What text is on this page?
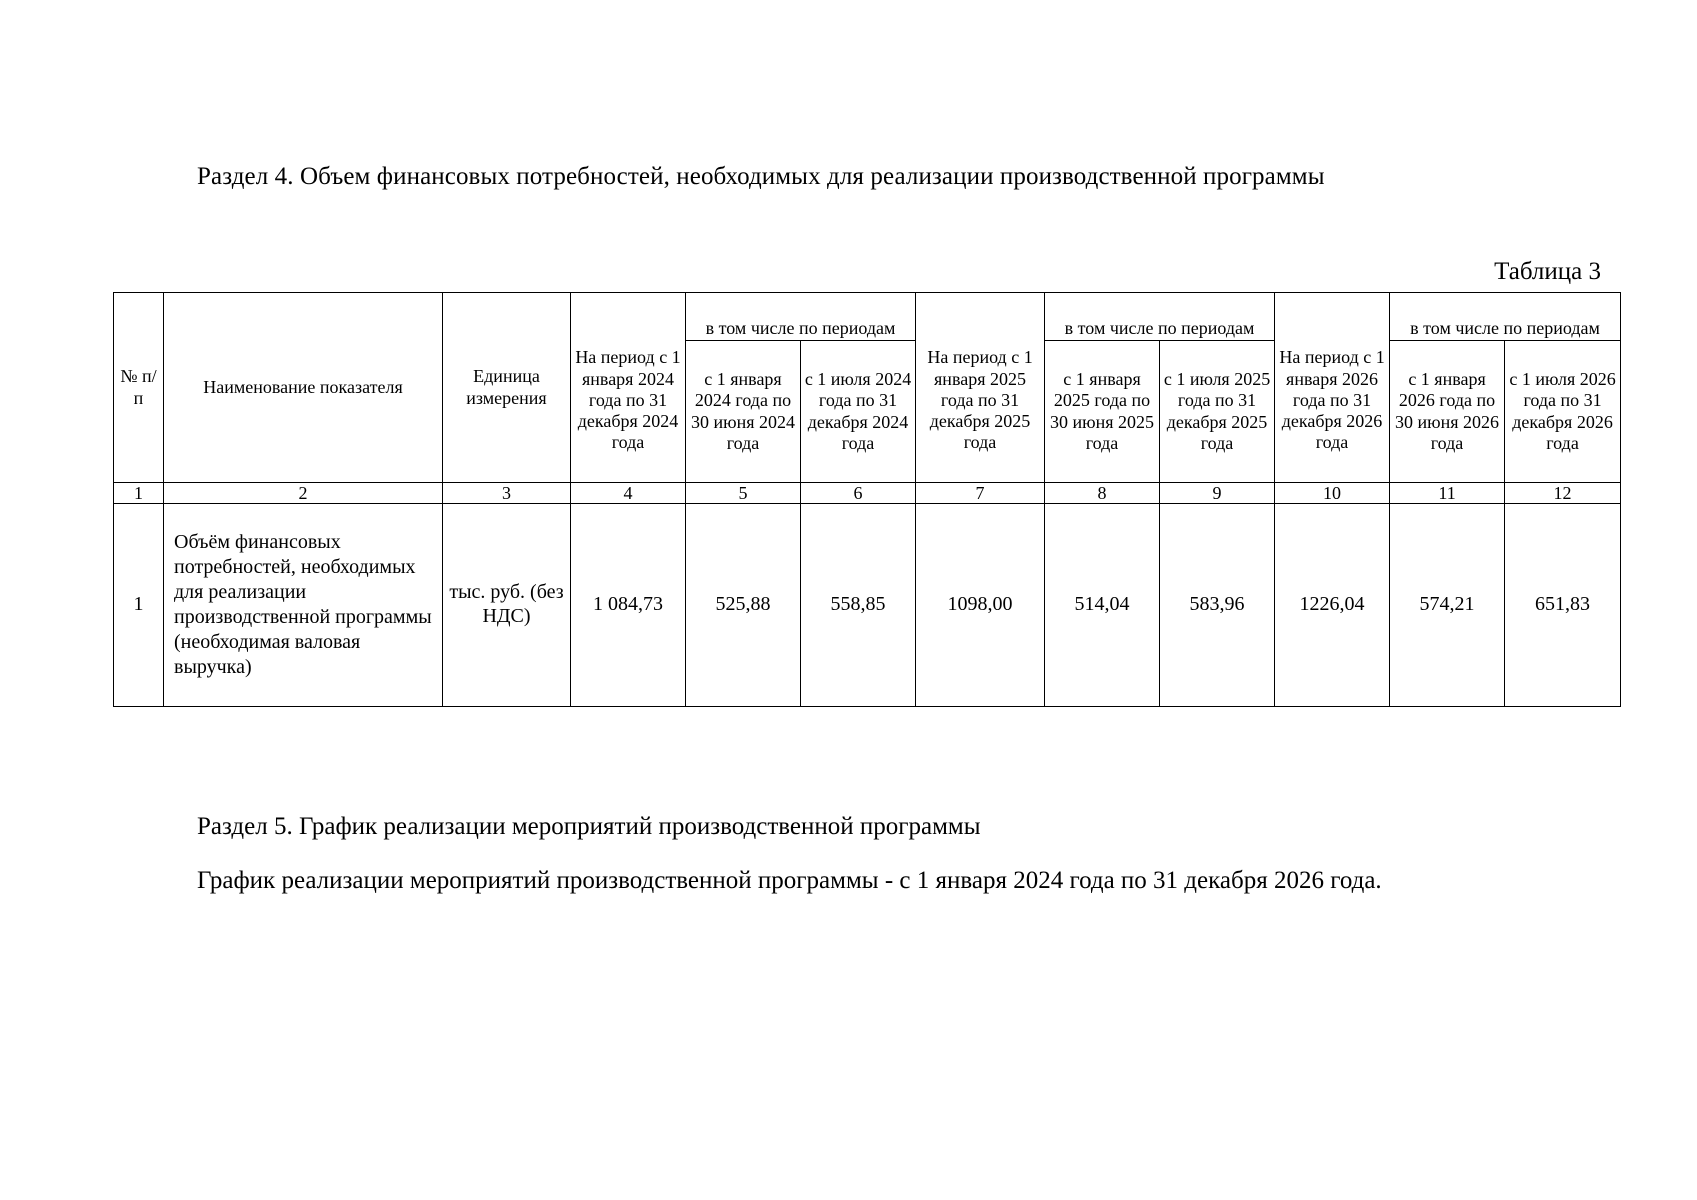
Раздел 4. Объем финансовых потребностей, необходимых для реализации производственной программы
Таблица 3
№ п/п	Наименование показателя	Единица измерения	На период с 1 января 2024 года по 31 декабря 2024 года	в том числе по периодам		На период с 1 января 2025 года по 31 декабря 2025 года	в том числе по периодам		На период с 1 января 2026 года по 31 декабря 2026 года	в том числе по периодам	
				с 1 января 2024 года по 30 июня 2024 года	с 1 июля 2024 года по 31 декабря 2024 года		с 1 января 2025 года по 30 июня 2025 года	с 1 июля 2025 года по 31 декабря 2025 года		с 1 января 2026 года по 30 июня 2026 года	с 1 июля 2026 года по 31 декабря 2026 года
1	2	3	4	5	6	7	8	9	10	11	12
1	Объём финансовых потребностей, необходимых для реализации производственной программы (необходимая валовая выручка)	тыс. руб. (без НДС)	1 084,73	525,88	558,85	1098,00	514,04	583,96	1226,04	574,21	651,83
Раздел 5. График реализации мероприятий производственной программы
График реализации мероприятий производственной программы - с 1 января 2024 года по 31 декабря 2026 года.
